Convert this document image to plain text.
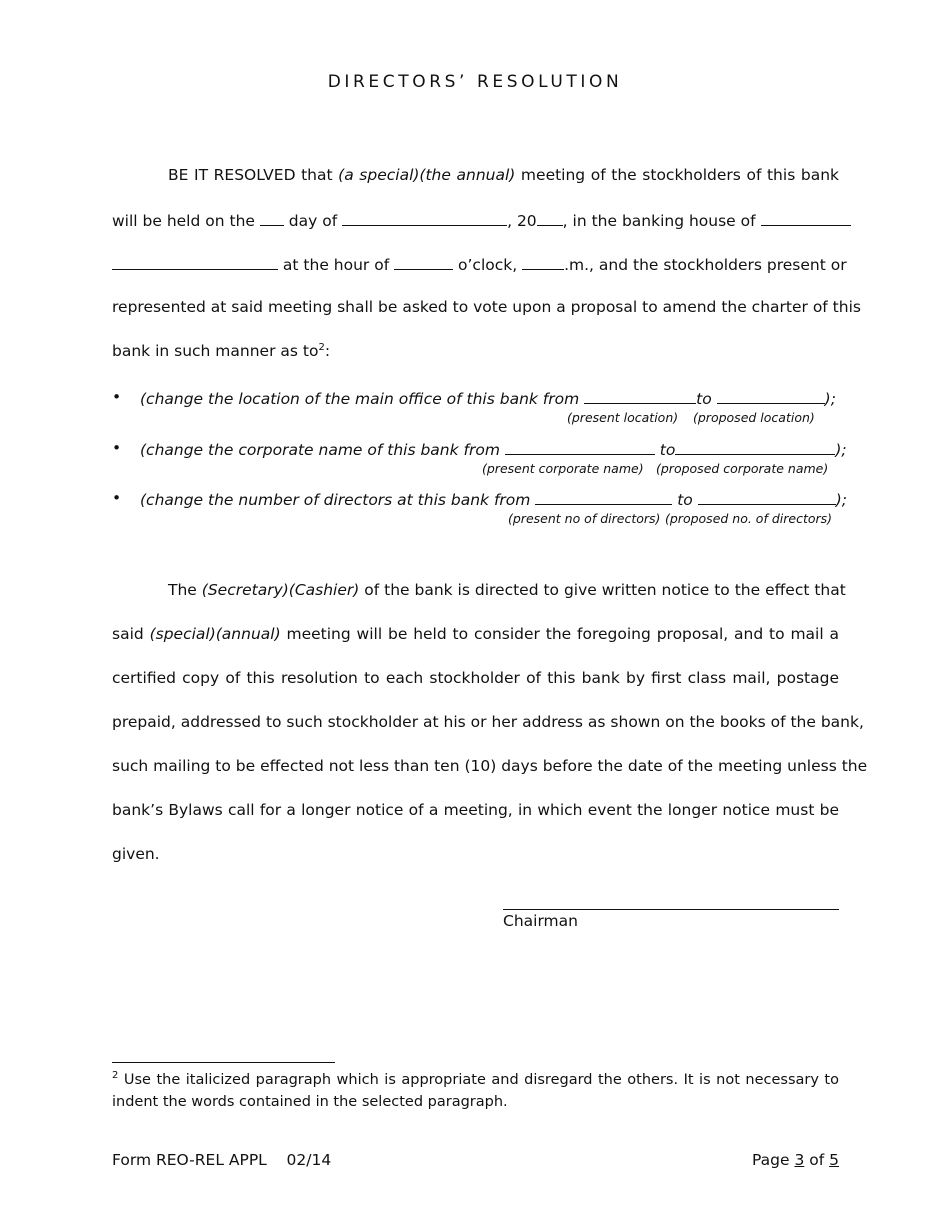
DIRECTORS’ RESOLUTION
BE IT RESOLVED that (a special)(the annual) meeting of the stockholders of this bank
will be held on the  day of	, 20 , in the banking house of
at the hour of	o’clock,	.m., and the stockholders present or
represented at said meeting shall be asked to vote upon a proposal to amend the charter of this
bank in such manner as $to^2$:
• (change the location of the main office of this bank from	to	);
(present location) (proposed location)
• (change the corporate name of this bank from	to	);
(present corporate name) (proposed corporate name)
• (change the number of directors at this bank from	to	);
(present no of directors) (proposed no. of directors)
The (Secretary)(Cashier) of the bank is directed to give written notice to the effect that
said (special)(annual) meeting will be held to consider the foregoing proposal, and to mail a
certified copy of this resolution to each stockholder of this bank by first class mail, postage
prepaid, addressed to such stockholder at his or her address as shown on the books of the bank,
such mailing to be effected not less than ten (10) days before the date of the meeting unless the
bank’s Bylaws call for a longer notice of a meeting, in which event the longer notice must be
given.
Chairman
$^2$ Use the italicized paragraph which is appropriate and disregard the others. It is not necessary to
indent the words contained in the selected paragraph.
Form REO-REL APPL 02/14	Page 3 of 5
